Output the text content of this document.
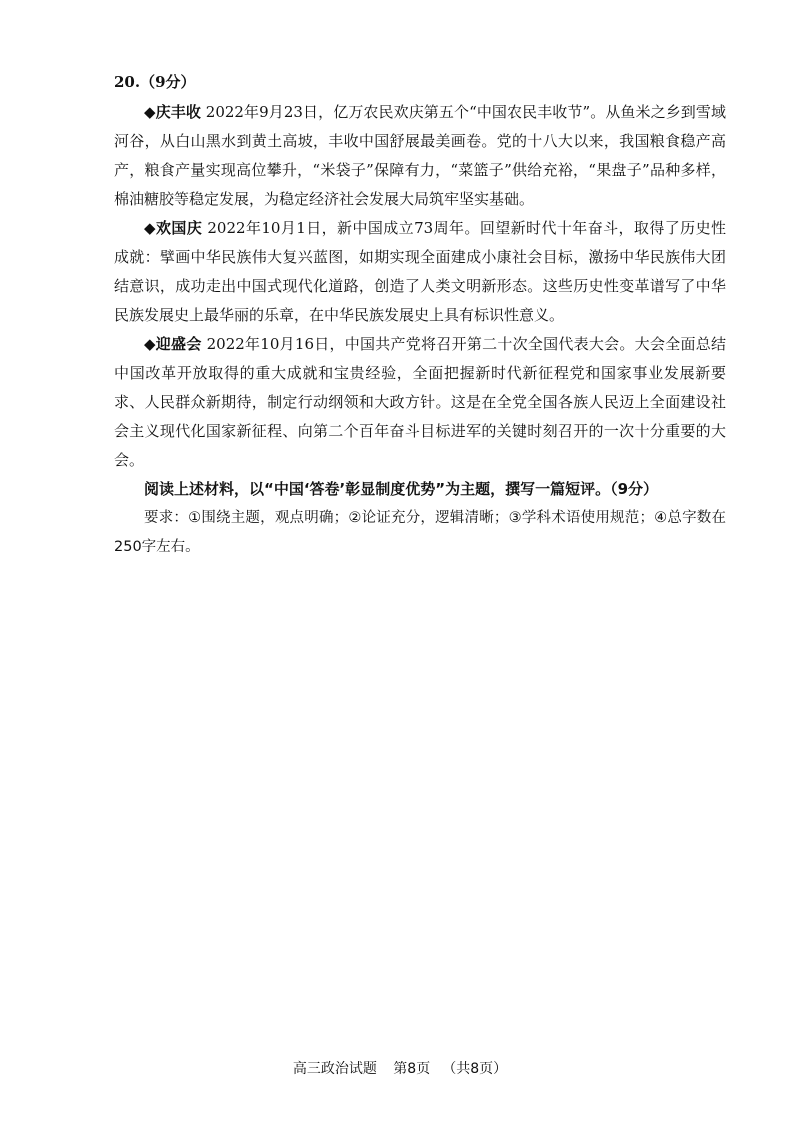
20.（9分）

◆庆丰收 2022年9月23日，亿万农民欢庆第五个“中国农民丰收节”。从鱼米之乡到雪域河谷，从白山黑水到黄土高坡，丰收中国舒展最美画卷。党的十八大以来，我国粮食稳产高产，粮食产量实现高位攀升，“米袋子”保障有力，“菜篮子”供给充裕，“果盘子”品种多样，棉油糖胶等稳定发展，为稳定经济社会发展大局筑牢坚实基础。

◆欢国庆 2022年10月1日，新中国成立73周年。回望新时代十年奋斗，取得了历史性成就：擘画中华民族伟大复兴蓝图，如期实现全面建成小康社会目标，激扬中华民族伟大团结意识，成功走出中国式现代化道路，创造了人类文明新形态。这些历史性变革谱写了中华民族发展史上最华丽的乐章，在中华民族发展史上具有标识性意义。

◆迎盛会 2022年10月16日，中国共产党将召开第二十次全国代表大会。大会全面总结中国改革开放取得的重大成就和宝贵经验，全面把握新时代新征程党和国家事业发展新要求、人民群众新期待，制定行动纲领和大政方针。这是在全党全国各族人民迈上全面建设社会主义现代化国家新征程、向第二个百年奋斗目标进军的关键时刻召开的一次十分重要的大会。

阅读上述材料，以“中国‘答卷’彰显制度优势”为主题，撰写一篇短评。（9分）

要求：①围绕主题，观点明确；②论证充分，逻辑清晰；③学科术语使用规范；④总字数在250字左右。

高三政治试题 第8页 （共8页）
